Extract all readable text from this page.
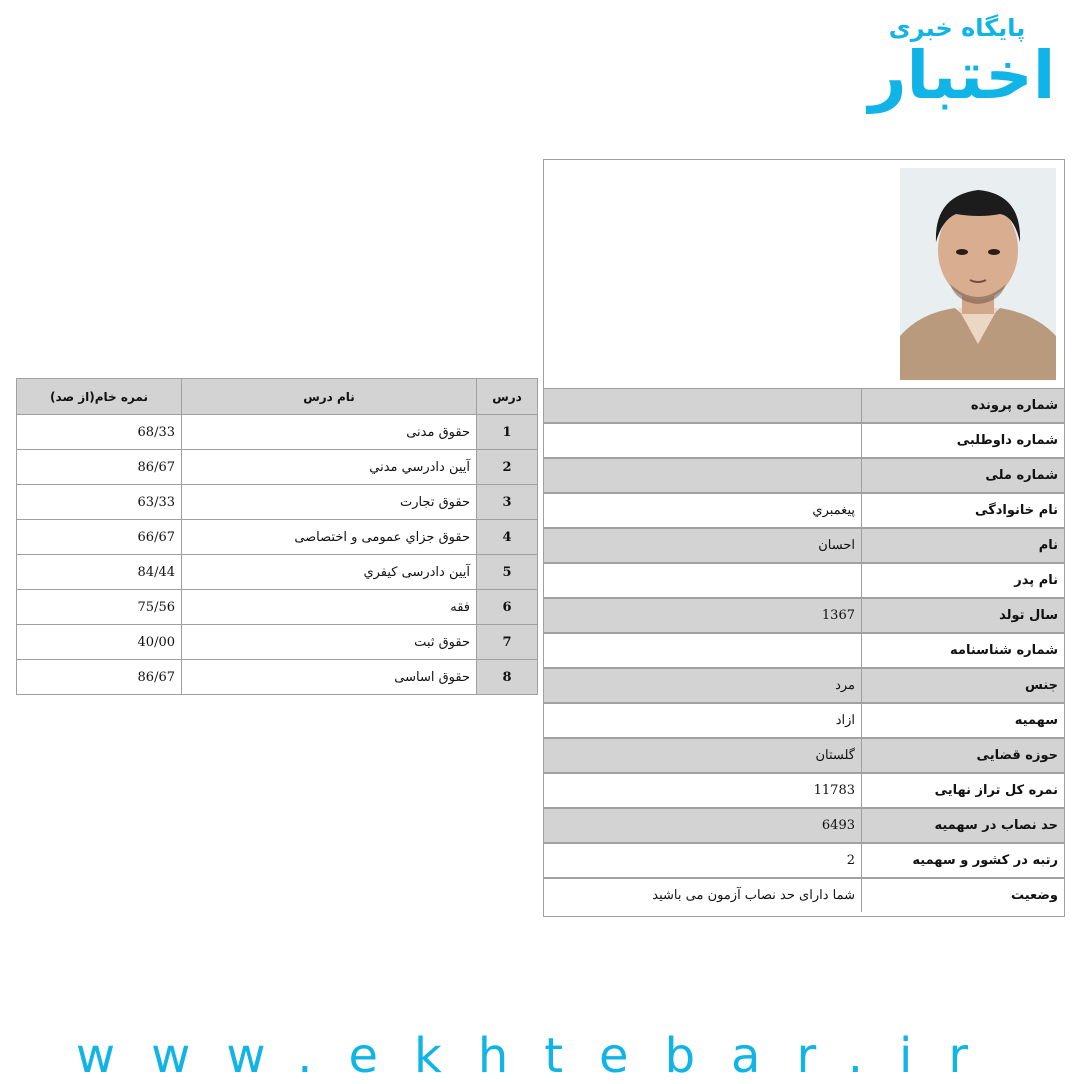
پایگاه خبری
اختبار
شماره پرونده	
شماره داوطلبی	
شماره ملی	
نام خانوادگی	پيغمبري
نام	احسان
نام پدر	
سال تولد	1367
شماره شناسنامه	
جنس	مرد
سهمیه	ازاد
حوزه قضایی	گلستان
نمره کل تراز نهایی	11783
حد نصاب در سهمیه	6493
رتبه در کشور و سهمیه	2
وضعیت	شما دارای حد نصاب آزمون می باشید
درس	نام درس	نمره خام(از صد)
1	حقوق مدنی	68/33
2	آیین دادرسي مدني	86/67
3	حقوق تجارت	63/33
4	حقوق جزاي عمومی و اختصاصی	66/67
5	آیین دادرسی کیفري	84/44
6	فقه	75/56
7	حقوق ثبت	40/00
8	حقوق اساسی	86/67
www.ekhtebar.ir
